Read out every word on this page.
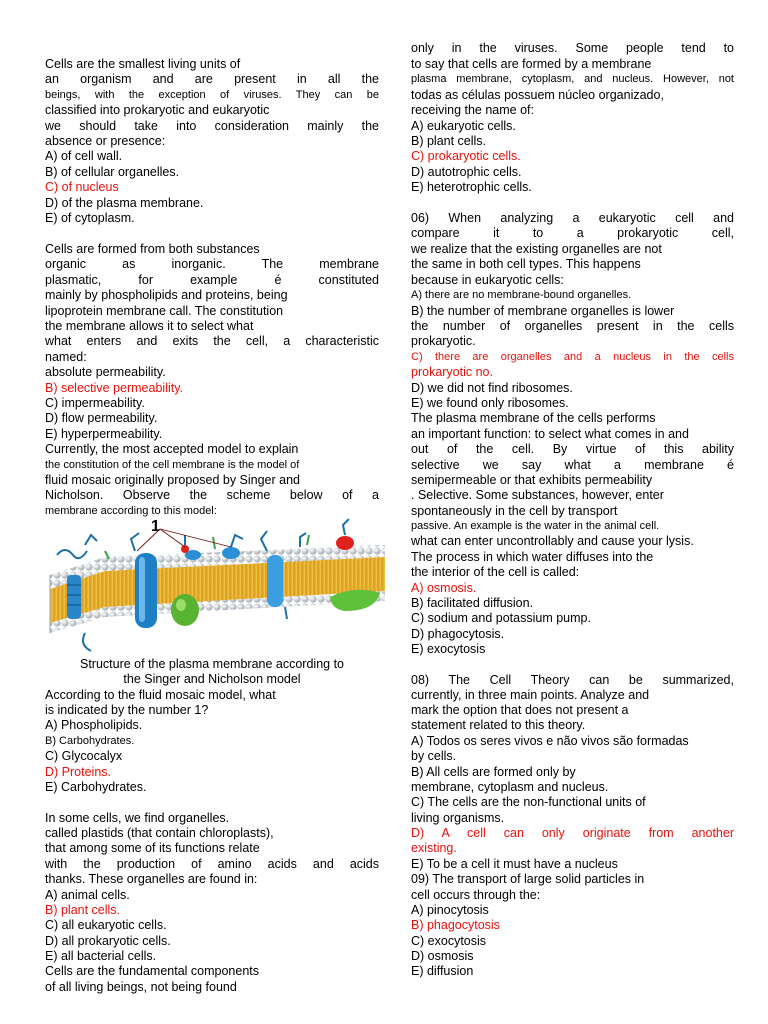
Cells are the smallest living units of
an organism and are present in all the
beings, with the exception of viruses. They can be
classified into prokaryotic and eukaryotic
we should take into consideration mainly the
absence or presence:
A) of cell wall.
B) of cellular organelles.
C) of nucleus
D) of the plasma membrane.
E) of cytoplasm.
Cells are formed from both substances
organic as inorganic. The membrane
plasmatic, for example é constituted
mainly by phospholipids and proteins, being
lipoprotein membrane call. The constitution
the membrane allows it to select what
what enters and exits the cell, a characteristic
named:
absolute permeability.
B) selective permeability.
C) impermeability.
D) flow permeability.
E) hyperpermeability.
Currently, the most accepted model to explain
the constitution of the cell membrane is the model of
fluid mosaic originally proposed by Singer and
Nicholson. Observe the scheme below of a
membrane according to this model:
1
Structure of the plasma membrane according to
the Singer and Nicholson model
According to the fluid mosaic model, what
is indicated by the number 1?
A) Phospholipids.
B) Carbohydrates.
C) Glycocalyx
D) Proteins.
E) Carbohydrates.
In some cells, we find organelles.
called plastids (that contain chloroplasts),
that among some of its functions relate
with the production of amino acids and acids
thanks. These organelles are found in:
A) animal cells.
B) plant cells.
C) all eukaryotic cells.
D) all prokaryotic cells.
E) all bacterial cells.
Cells are the fundamental components
of all living beings, not being found
only in the viruses. Some people tend to
to say that cells are formed by a membrane
plasma membrane, cytoplasm, and nucleus. However, not
todas as células possuem núcleo organizado,
receiving the name of:
A) eukaryotic cells.
B) plant cells.
C) prokaryotic cells.
D) autotrophic cells.
E) heterotrophic cells.
06) When analyzing a eukaryotic cell and
compare it to a prokaryotic cell,
we realize that the existing organelles are not
the same in both cell types. This happens
because in eukaryotic cells:
A) there are no membrane-bound organelles.
B) the number of membrane organelles is lower
the number of organelles present in the cells
prokaryotic.
C) there are organelles and a nucleus in the cells
prokaryotic no.
D) we did not find ribosomes.
E) we found only ribosomes.
The plasma membrane of the cells performs
an important function: to select what comes in and
out of the cell. By virtue of this ability
selective we say what a membrane é
semipermeable or that exhibits permeability
. Selective. Some substances, however, enter
spontaneously in the cell by transport
passive. An example is the water in the animal cell.
what can enter uncontrollably and cause your lysis.
The process in which water diffuses into the
the interior of the cell is called:
A) osmosis.
B) facilitated diffusion.
C) sodium and potassium pump.
D) phagocytosis.
E) exocytosis
08) The Cell Theory can be summarized,
currently, in three main points. Analyze and
mark the option that does not present a
statement related to this theory.
A) Todos os seres vivos e não vivos são formadas
by cells.
B) All cells are formed only by
membrane, cytoplasm and nucleus.
C) The cells are the non-functional units of
living organisms.
D) A cell can only originate from another
existing.
E) To be a cell it must have a nucleus
09) The transport of large solid particles in
cell occurs through the:
A) pinocytosis
B) phagocytosis
C) exocytosis
D) osmosis
E) diffusion
